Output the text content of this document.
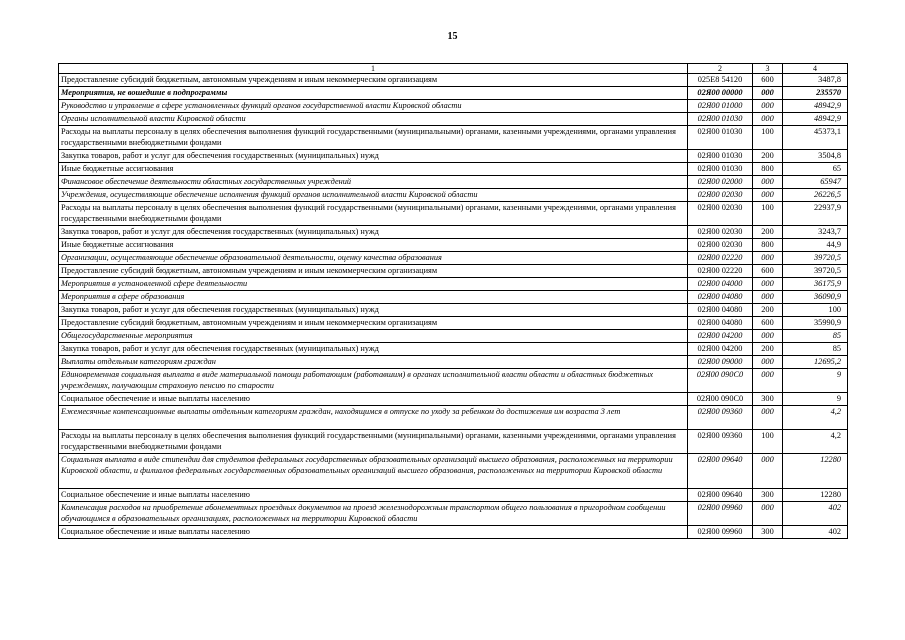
15
1	2	3	4
Предоставление субсидий бюджетным, автономным учреждениям и иным некоммерческим организациям	025E8 54120	600	3487,8
Мероприятия, не вошедшие в подпрограммы	02Я00 00000	000	235570
Руководство и управление в сфере установленных функций органов государственной власти Кировской области	02Я00 01000	000	48942,9
Органы исполнительной власти Кировской области	02Я00 01030	000	48942,9
Расходы на выплаты персоналу в целях обеспечения выполнения функций государственными (муниципальными) органами, казенными учреждениями, органами управления государственными внебюджетными фондами	02Я00 01030	100	45373,1
Закупка товаров, работ и услуг для обеспечения государственных (муниципальных) нужд	02Я00 01030	200	3504,8
Иные бюджетные ассигнования	02Я00 01030	800	65
Финансовое обеспечение деятельности областных государственных учреждений	02Я00 02000	000	65947
Учреждения, осуществляющие обеспечение исполнения функций органов исполнительной власти Кировской области	02Я00 02030	000	26226,5
Расходы на выплаты персоналу в целях обеспечения выполнения функций государственными (муниципальными) органами, казенными учреждениями, органами управления государственными внебюджетными фондами	02Я00 02030	100	22937,9
Закупка товаров, работ и услуг для обеспечения государственных (муниципальных) нужд	02Я00 02030	200	3243,7
Иные бюджетные ассигнования	02Я00 02030	800	44,9
Организации, осуществляющие обеспечение образовательной деятельности, оценку качества образования	02Я00 02220	000	39720,5
Предоставление субсидий бюджетным, автономным учреждениям и иным некоммерческим организациям	02Я00 02220	600	39720,5
Мероприятия в установленной сфере деятельности	02Я00 04000	000	36175,9
Мероприятия в сфере образования	02Я00 04080	000	36090,9
Закупка товаров, работ и услуг для обеспечения государственных (муниципальных) нужд	02Я00 04080	200	100
Предоставление субсидий бюджетным, автономным учреждениям и иным некоммерческим организациям	02Я00 04080	600	35990,9
Общегосударственные мероприятия	02Я00 04200	000	85
Закупка товаров, работ и услуг для обеспечения государственных (муниципальных) нужд	02Я00 04200	200	85
Выплаты отдельным категориям граждан	02Я00 09000	000	12695,2
Единовременная социальная выплата в виде материальной помощи работающим (работавшим) в органах исполнительной власти области и областных бюджетных учреждениях, получающим страховую пенсию по старости	02Я00 090С0	000	9
Социальное обеспечение и иные выплаты населению	02Я00 090С0	300	9
Ежемесячные компенсационные выплаты отдельным категориям граждан, находящимся в отпуске по уходу за ребенком до достижения им возраста 3 лет	02Я00 09360	000	4,2
Расходы на выплаты персоналу в целях обеспечения выполнения функций государственными (муниципальными) органами, казенными учреждениями, органами управления государственными внебюджетными фондами	02Я00 09360	100	4,2
Социальная выплата в виде стипендии для студентов федеральных государственных образовательных организаций высшего образования, расположенных на территории Кировской области, и филиалов федеральных государственных образовательных организаций высшего образования, расположенных на территории Кировской области	02Я00 09640	000	12280
Социальное обеспечение и иные выплаты населению	02Я00 09640	300	12280
Компенсация расходов на приобретение абонементных проездных документов на проезд железнодорожным транспортом общего пользования в пригородном сообщении обучающимся в образовательных организациях, расположенных на территории Кировской области	02Я00 09960	000	402
Социальное обеспечение и иные выплаты населению	02Я00 09960	300	402
